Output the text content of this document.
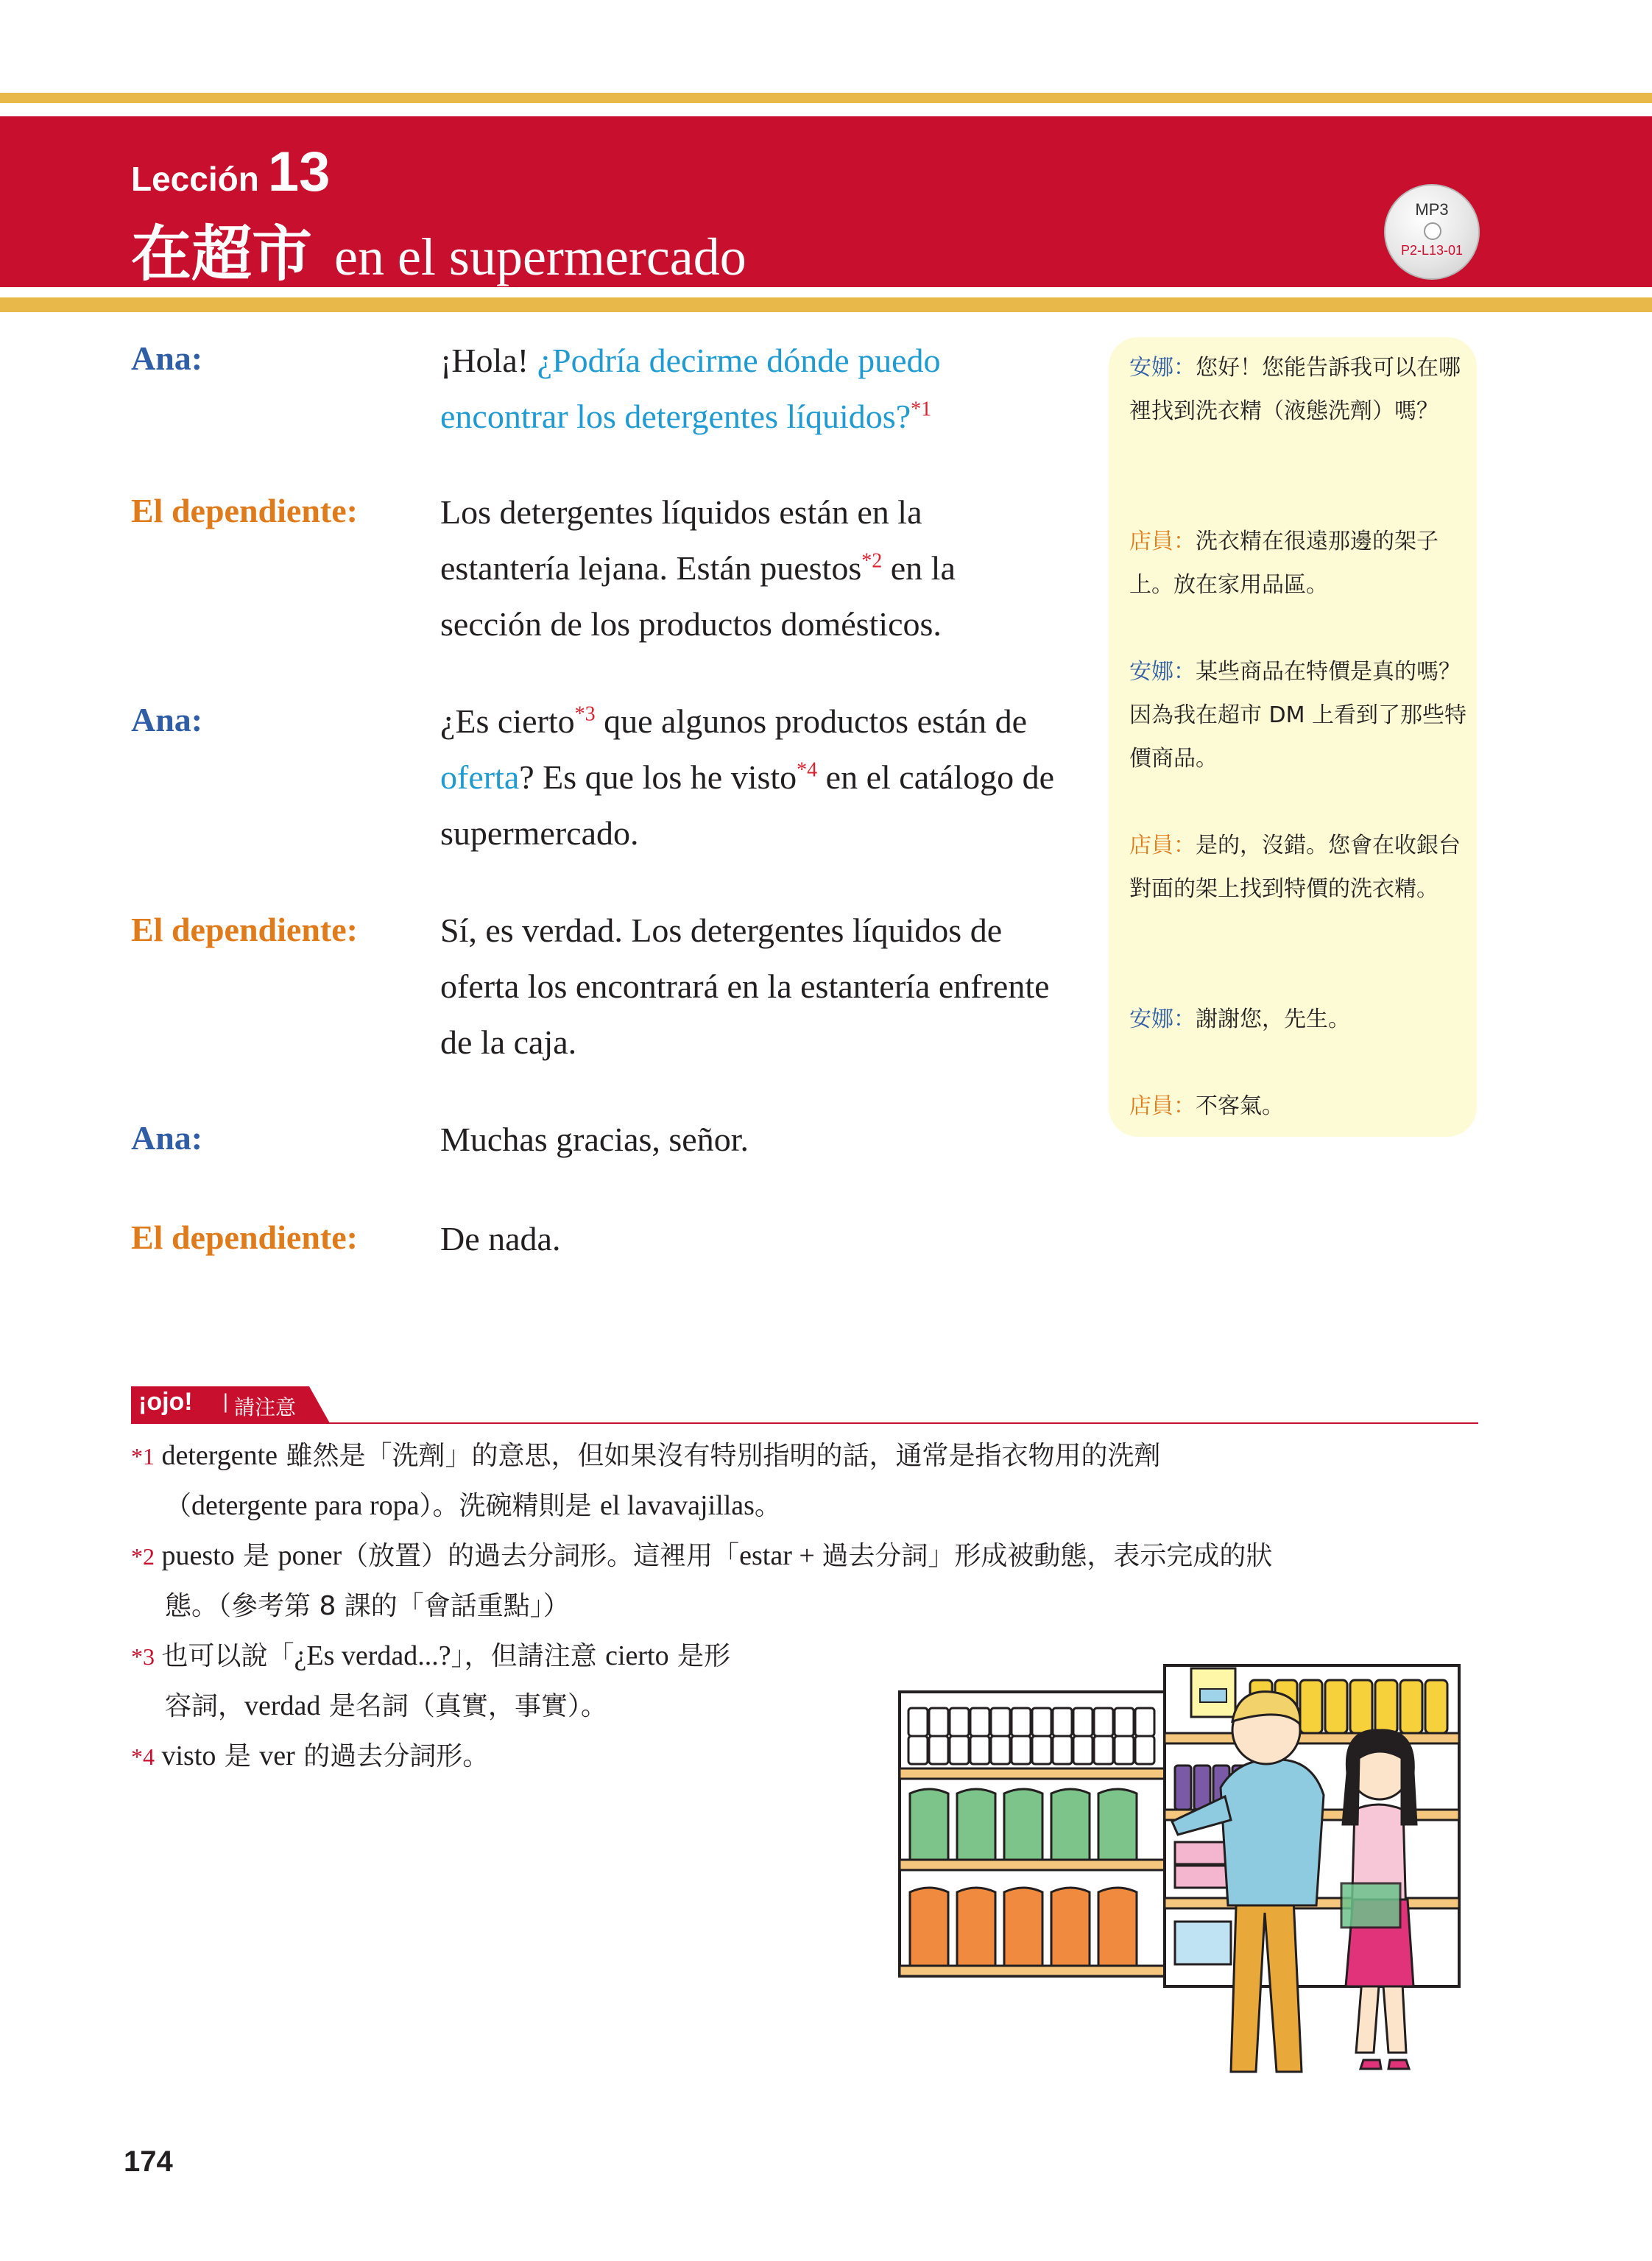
Lección 13
在超市 en el supermercado
MP3
P2-L13-01
Ana:	¡Hola! ¿Podría decirme dónde puedo encontrar los detergentes líquidos?$^{*1}$
El dependiente: Los detergentes líquidos están en la estantería lejana. Están puestos$^{*2}$ en la sección de los productos domésticos.
Ana:	¿Es cierto$^{*3}$ que algunos productos están de oferta? Es que los he visto$^{*4}$ en el catálogo de supermercado.
El dependiente: Sí, es verdad. Los detergentes líquidos de oferta los encontrará en la estantería enfrente de la caja.
Ana:	Muchas gracias, señor.
El dependiente: De nada.
安娜：您好！您能告訴我可以在哪裡找到洗衣精（液態洗劑）嗎？
店員：洗衣精在很遠那邊的架子上。放在家用品區。
安娜：某些商品在特價是真的嗎？因為我在超市 DM 上看到了那些特價商品。
店員：是的，沒錯。您會在收銀台對面的架上找到特價的洗衣精。
安娜：謝謝您，先生。
店員：不客氣。
¡ojo! | 請注意
*1 detergente 雖然是「洗劑」的意思，但如果沒有特別指明的話，通常是指衣物用的洗劑
（detergente para ropa）。洗碗精則是 el lavavajillas。
*2 puesto 是 poner（放置）的過去分詞形。這裡用「estar + 過去分詞」形成被動態，表示完成的狀
態。（參考第 8 課的「會話重點」）
*3 也可以說「¿Es verdad...?」，但請注意 cierto 是形
容詞，verdad 是名詞（真實，事實）。
*4 visto 是 ver 的過去分詞形。
174
